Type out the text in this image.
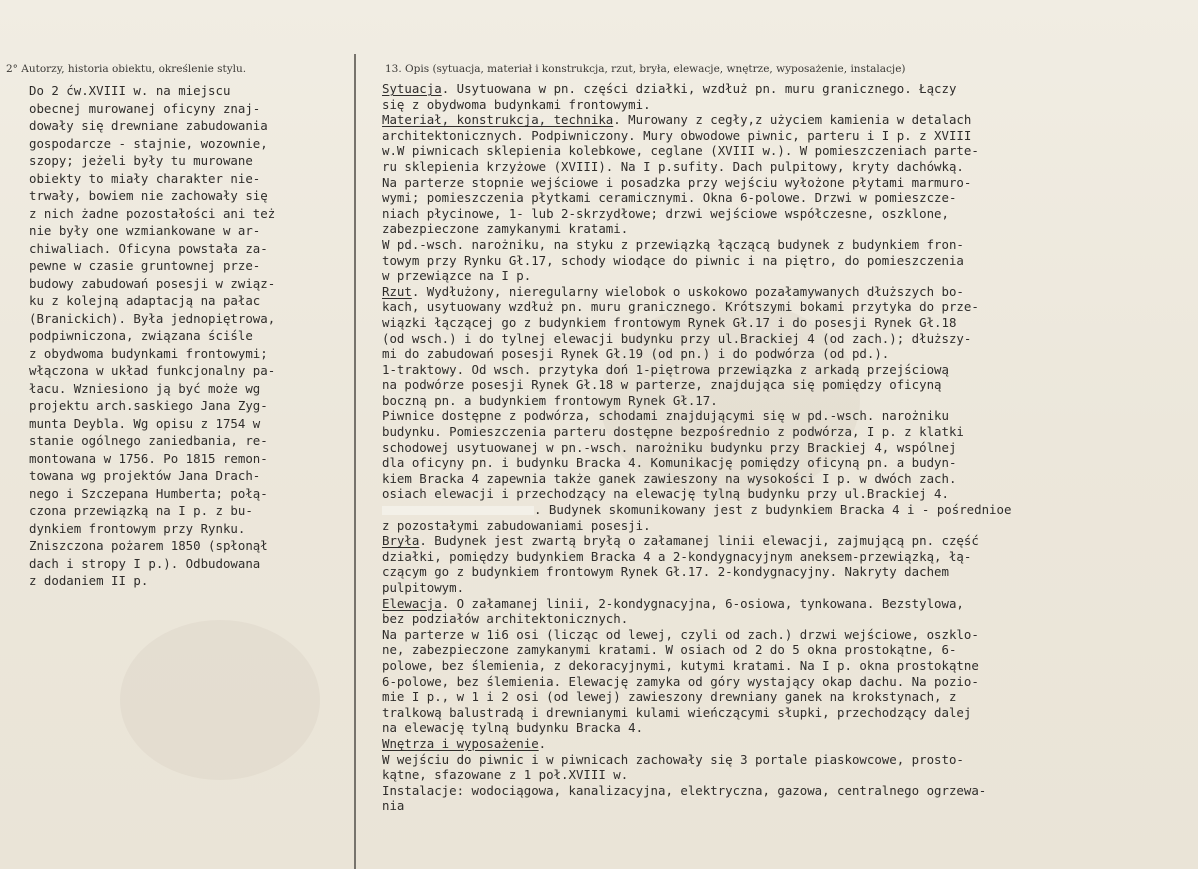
2° Autorzy, historia obiektu, określenie stylu.	13. Opis (sytuacja, materiał i konstrukcja, rzut, bryła, elewacje, wnętrze, wyposażenie, instalacje)
Do 2 ćw.XVIII w. na miejscu
obecnej murowanej oficyny znaj-
dowały się drewniane zabudowania
gospodarcze - stajnie, wozownie,
szopy; jeżeli były tu murowane
obiekty to miały charakter nie-
trwały, bowiem nie zachowały się
z nich żadne pozostałości ani też
nie były one wzmiankowane w ar-
chiwaliach. Oficyna powstała za-
pewne w czasie gruntownej prze-
budowy zabudowań posesji w związ-
ku z kolejną adaptacją na pałac
(Branickich). Była jednopiętrowa,
podpiwniczona, związana ściśle
z obydwoma budynkami frontowymi;
włączona w układ funkcjonalny pa-
łacu. Wzniesiono ją być może wg
projektu arch.saskiego Jana Zyg-
munta Deybla. Wg opisu z 1754 w
stanie ogólnego zaniedbania, re-
montowana w 1756. Po 1815 remon-
towana wg projektów Jana Drach-
nego i Szczepana Humberta; połą-
czona przewiązką na I p. z bu-
dynkiem frontowym przy Rynku.
Zniszczona pożarem 1850 (spłonął
dach i stropy I p.). Odbudowana
z dodaniem II p.
Sytuacja. Usytuowana w pn. części działki, wzdłuż pn. muru granicznego. Łączy
się z obydwoma budynkami frontowymi.
Materiał, konstrukcja, technika. Murowany z cegły,z użyciem kamienia w detalach
architektonicznych. Podpiwniczony. Mury obwodowe piwnic, parteru i I p. z XVIII
w.W piwnicach sklepienia kolebkowe, ceglane (XVIII w.). W pomieszczeniach parte-
ru sklepienia krzyżowe (XVIII). Na I p.sufity. Dach pulpitowy, kryty dachówką.
Na parterze stopnie wejściowe i posadzka przy wejściu wyłożone płytami marmuro-
wymi; pomieszczenia płytkami ceramicznymi. Okna 6-polowe. Drzwi w pomieszcze-
niach płycinowe, 1- lub 2-skrzydłowe; drzwi wejściowe współczesne, oszklone,
zabezpieczone zamykanymi kratami.
W pd.-wsch. narożniku, na styku z przewiązką łączącą budynek z budynkiem fron-
towym przy Rynku Gł.17, schody wiodące do piwnic i na piętro, do pomieszczenia
w przewiązce na I p.
Rzut. Wydłużony, nieregularny wielobok o uskokowo pozałamywanych dłuższych bo-
kach, usytuowany wzdłuż pn. muru granicznego. Krótszymi bokami przytyka do prze-
wiązki łączącej go z budynkiem frontowym Rynek Gł.17 i do posesji Rynek Gł.18
(od wsch.) i do tylnej elewacji budynku przy ul.Brackiej 4 (od zach.); dłuższy-
mi do zabudowań posesji Rynek Gł.19 (od pn.) i do podwórza (od pd.).
1-traktowy. Od wsch. przytyka doń 1-piętrowa przewiązka z arkadą przejściową
na podwórze posesji Rynek Gł.18 w parterze, znajdująca się pomiędzy oficyną
boczną pn. a budynkiem frontowym Rynek Gł.17.
Piwnice dostępne z podwórza, schodami znajdującymi się w pd.-wsch. narożniku
budynku. Pomieszczenia parteru dostępne bezpośrednio z podwórza, I p. z klatki
schodowej usytuowanej w pn.-wsch. narożniku budynku przy Brackiej 4, wspólnej
dla oficyny pn. i budynku Bracka 4. Komunikację pomiędzy oficyną pn. a budyn-
kiem Bracka 4 zapewnia także ganek zawieszony na wysokości I p. w dwóch zach.
osiach elewacji i przechodzący na elewację tylną budynku przy ul.Brackiej 4.
. Budynek skomunikowany jest z budynkiem Bracka 4 i - pośrednioe
z pozostałymi zabudowaniami posesji.
Bryła. Budynek jest zwartą bryłą o załamanej linii elewacji, zajmującą pn. część
działki, pomiędzy budynkiem Bracka 4 a 2-kondygnacyjnym aneksem-przewiązką, łą-
czącym go z budynkiem frontowym Rynek Gł.17. 2-kondygnacyjny. Nakryty dachem
pulpitowym.
Elewacja. O załamanej linii, 2-kondygnacyjna, 6-osiowa, tynkowana. Bezstylowa,
bez podziałów architektonicznych.
Na parterze w 1i6 osi (licząc od lewej, czyli od zach.) drzwi wejściowe, oszklo-
ne, zabezpieczone zamykanymi kratami. W osiach od 2 do 5 okna prostokątne, 6-
polowe, bez ślemienia, z dekoracyjnymi, kutymi kratami. Na I p. okna prostokątne
6-polowe, bez ślemienia. Elewację zamyka od góry wystający okap dachu. Na pozio-
mie I p., w 1 i 2 osi (od lewej) zawieszony drewniany ganek na krokstynach, z
tralkową balustradą i drewnianymi kulami wieńczącymi słupki, przechodzący dalej
na elewację tylną budynku Bracka 4.
Wnętrza i wyposażenie.
W wejściu do piwnic i w piwnicach zachowały się 3 portale piaskowcowe, prosto-
kątne, sfazowane z 1 poł.XVIII w.
Instalacje: wodociągowa, kanalizacyjna, elektryczna, gazowa, centralnego ogrzewa-
nia
